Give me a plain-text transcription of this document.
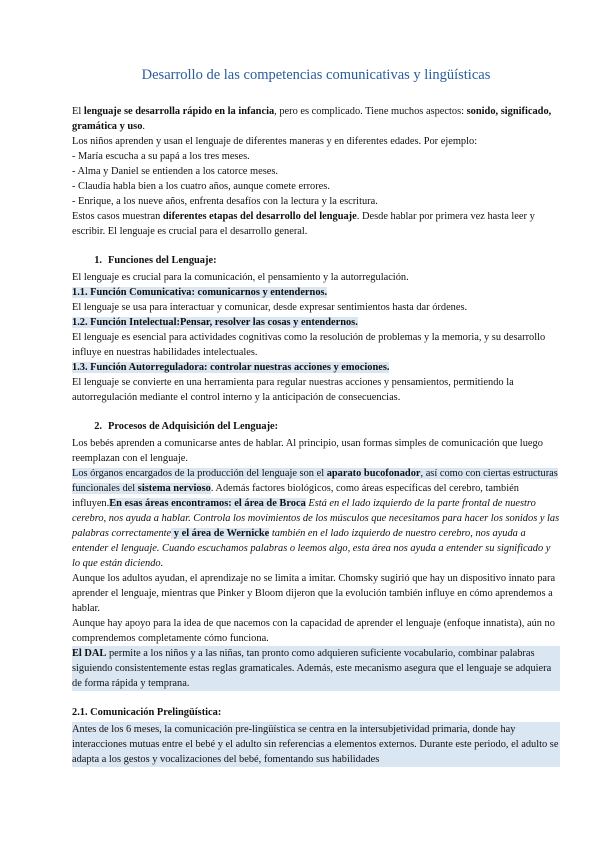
Desarrollo de las competencias comunicativas y lingüísticas

El lenguaje se desarrolla rápido en la infancia, pero es complicado. Tiene muchos aspectos: sonido, significado, gramática y uso.

Los niños aprenden y usan el lenguaje de diferentes maneras y en diferentes edades. Por ejemplo:

- María escucha a su papá a los tres meses.

- Alma y Daniel se entienden a los catorce meses.

- Claudia habla bien a los cuatro años, aunque comete errores.

- Enrique, a los nueve años, enfrenta desafíos con la lectura y la escritura.

Estos casos muestran diferentes etapas del desarrollo del lenguaje. Desde hablar por primera vez hasta leer y escribir. El lenguaje es crucial para el desarrollo general.

1. Funciones del Lenguaje:

El lenguaje es crucial para la comunicación, el pensamiento y la autorregulación.

1.1. Función Comunicativa: comunicarnos y entendernos.

El lenguaje se usa para interactuar y comunicar, desde expresar sentimientos hasta dar órdenes.

1.2. Función Intelectual:Pensar, resolver las cosas y entendernos.

El lenguaje es esencial para actividades cognitivas como la resolución de problemas y la memoria, y su desarrollo influye en nuestras habilidades intelectuales.

1.3. Función Autorreguladora: controlar nuestras acciones y emociones.

El lenguaje se convierte en una herramienta para regular nuestras acciones y pensamientos, permitiendo la autorregulación mediante el control interno y la anticipación de consecuencias.

2. Procesos de Adquisición del Lenguaje:

Los bebés aprenden a comunicarse antes de hablar. Al principio, usan formas simples de comunicación que luego reemplazan con el lenguaje.

Los órganos encargados de la producción del lenguaje son el aparato bucofonador, así como con ciertas estructuras funcionales del sistema nervioso. Además factores biológicos, como áreas específicas del cerebro, también influyen.En esas áreas encontramos: el área de Broca Está en el lado izquierdo de la parte frontal de nuestro cerebro, nos ayuda a hablar. Controla los movimientos de los músculos que necesitamos para hacer los sonidos y las palabras correctamente y el área de Wernicke también en el lado izquierdo de nuestro cerebro, nos ayuda a entender el lenguaje. Cuando escuchamos palabras o leemos algo, esta área nos ayuda a entender su significado y lo que están diciendo.

Aunque los adultos ayudan, el aprendizaje no se limita a imitar. Chomsky sugirió que hay un dispositivo innato para aprender el lenguaje, mientras que Pinker y Bloom dijeron que la evolución también influye en cómo aprendemos a hablar.

Aunque hay apoyo para la idea de que nacemos con la capacidad de aprender el lenguaje (enfoque innatista), aún no comprendemos completamente cómo funciona.

El DAL permite a los niños y a las niñas, tan pronto como adquieren suficiente vocabulario, combinar palabras siguiendo consistentemente estas reglas gramaticales. Además, este mecanismo asegura que el lenguaje se adquiera de forma rápida y temprana.

2.1. Comunicación Prelingüística:

Antes de los 6 meses, la comunicación pre-lingüística se centra en la intersubjetividad primaria, donde hay interacciones mutuas entre el bebé y el adulto sin referencias a elementos externos. Durante este periodo, el adulto se adapta a los gestos y vocalizaciones del bebé, fomentando sus habilidades
